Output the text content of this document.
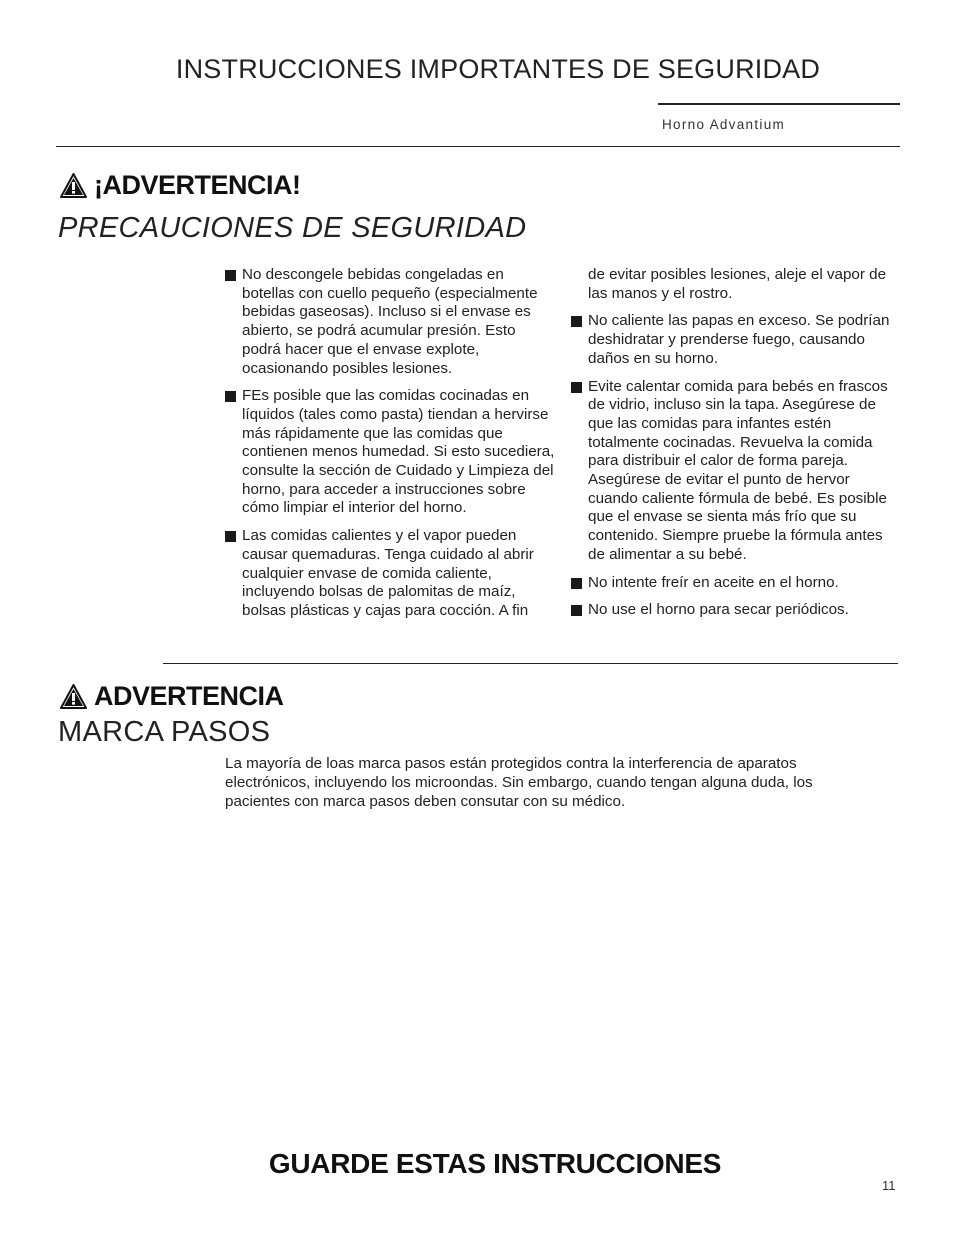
INSTRUCCIONES IMPORTANTES DE SEGURIDAD
Horno Advantium
¡ADVERTENCIA!
PRECAUCIONES DE SEGURIDAD
No descongele bebidas congeladas en botellas con cuello pequeño (especialmente bebidas gaseosas). Incluso si el envase es abierto, se podrá acumular presión. Esto podrá hacer que el envase explote, ocasionando posibles lesiones.
FEs posible que las comidas cocinadas en líquidos (tales como pasta) tiendan a hervirse más rápidamente que las comidas que contienen menos humedad. Si esto sucediera, consulte la sección de Cuidado y Limpieza del horno, para acceder a instrucciones sobre cómo limpiar el interior del horno.
Las comidas calientes y el vapor pueden causar quemaduras. Tenga cuidado al abrir cualquier envase de comida caliente, incluyendo bolsas de palomitas de maíz, bolsas plásticas y cajas para cocción. A fin
de evitar posibles lesiones, aleje el vapor de las manos y el rostro.
No caliente las papas en exceso. Se podrían deshidratar y prenderse fuego, causando daños en su horno.
Evite calentar comida para bebés en frascos de vidrio, incluso sin la tapa. Asegúrese de que las comidas para infantes estén totalmente cocinadas. Revuelva la comida para distribuir el calor de forma pareja. Asegúrese de evitar el punto de hervor cuando caliente fórmula de bebé. Es posible que el envase se sienta más frío que su contenido. Siempre pruebe la fórmula antes de alimentar a su bebé.
No intente freír en aceite en el horno.
No use el horno para secar periódicos.
ADVERTENCIA
MARCA PASOS
La mayoría de loas marca pasos están protegidos contra la interferencia de aparatos electrónicos, incluyendo los microondas. Sin embargo, cuando tengan alguna duda, los pacientes con marca pasos deben consutar con su médico.
GUARDE ESTAS INSTRUCCIONES
11
